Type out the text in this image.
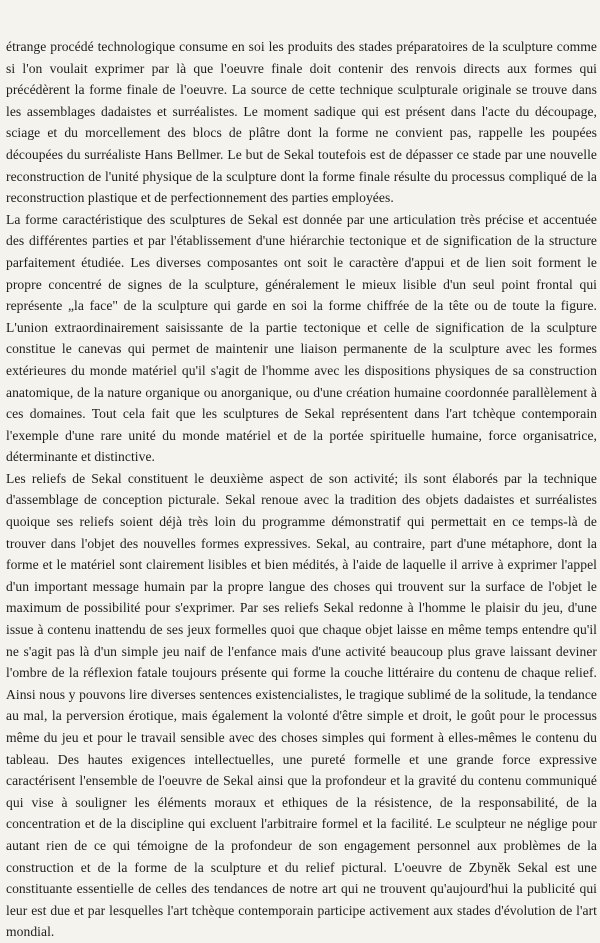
étrange procédé technologique consume en soi les produits des stades préparatoires de la sculpture comme si l'on voulait exprimer par là que l'oeuvre finale doit contenir des renvois directs aux formes qui précédèrent la forme finale de l'oeuvre. La source de cette technique sculpturale originale se trouve dans les assemblages dadaistes et surréalistes. Le moment sadique qui est présent dans l'acte du découpage, sciage et du morcellement des blocs de plâtre dont la forme ne convient pas, rappelle les poupées découpées du surréaliste Hans Bellmer. Le but de Sekal toutefois est de dépasser ce stade par une nouvelle reconstruction de l'unité physique de la sculpture dont la forme finale résulte du processus compliqué de la reconstruction plastique et de perfectionnement des parties employées.

La forme caractéristique des sculptures de Sekal est donnée par une articulation très précise et accentuée des différentes parties et par l'établissement d'une hiérarchie tectonique et de signification de la structure parfaitement étudiée. Les diverses composantes ont soit le caractère d'appui et de lien soit forment le propre concentré de signes de la sculpture, généralement le mieux lisible d'un seul point frontal qui représente „la face" de la sculpture qui garde en soi la forme chiffrée de la tête ou de toute la figure. L'union extraordinairement saisissante de la partie tectonique et celle de signification de la sculpture constitue le canevas qui permet de maintenir une liaison permanente de la sculpture avec les formes extérieures du monde matériel qu'il s'agit de l'homme avec les dispositions physiques de sa construction anatomique, de la nature organique ou anorganique, ou d'une création humaine coordonnée parallèlement à ces domaines. Tout cela fait que les sculptures de Sekal représentent dans l'art tchèque contemporain l'exemple d'une rare unité du monde matériel et de la portée spirituelle humaine, force organisatrice, déterminante et distinctive.

Les reliefs de Sekal constituent le deuxième aspect de son activité; ils sont élaborés par la technique d'assemblage de conception picturale. Sekal renoue avec la tradition des objets dadaistes et surréalistes quoique ses reliefs soient déjà très loin du programme démonstratif qui permettait en ce temps-là de trouver dans l'objet des nouvelles formes expressives. Sekal, au contraire, part d'une métaphore, dont la forme et le matériel sont clairement lisibles et bien médités, à l'aide de laquelle il arrive à exprimer l'appel d'un important message humain par la propre langue des choses qui trouvent sur la surface de l'objet le maximum de possibilité pour s'exprimer. Par ses reliefs Sekal redonne à l'homme le plaisir du jeu, d'une issue à contenu inattendu de ses jeux formelles quoi que chaque objet laisse en même temps entendre qu'il ne s'agit pas là d'un simple jeu naif de l'enfance mais d'une activité beaucoup plus grave laissant deviner l'ombre de la réflexion fatale toujours présente qui forme la couche littéraire du contenu de chaque relief. Ainsi nous y pouvons lire diverses sentences existencialistes, le tragique sublimé de la solitude, la tendance au mal, la perversion érotique, mais également la volonté d'être simple et droit, le goût pour le processus même du jeu et pour le travail sensible avec des choses simples qui forment à elles-mêmes le contenu du tableau. Des hautes exigences intellectuelles, une pureté formelle et une grande force expressive caractérisent l'ensemble de l'oeuvre de Sekal ainsi que la profondeur et la gravité du contenu communiqué qui vise à souligner les éléments moraux et ethiques de la résistence, de la responsabilité, de la concentration et de la discipline qui excluent l'arbitraire formel et la facilité. Le sculpteur ne néglige pour autant rien de ce qui témoigne de la profondeur de son engagement personnel aux problèmes de la construction et de la forme de la sculpture et du relief pictural. L'oeuvre de Zbyněk Sekal est une constituante essentielle de celles des tendances de notre art qui ne trouvent qu'aujourd'hui la publicité qui leur est due et par lesquelles l'art tchèque contemporain participe activement aux stades d'évolution de l'art mondial.
